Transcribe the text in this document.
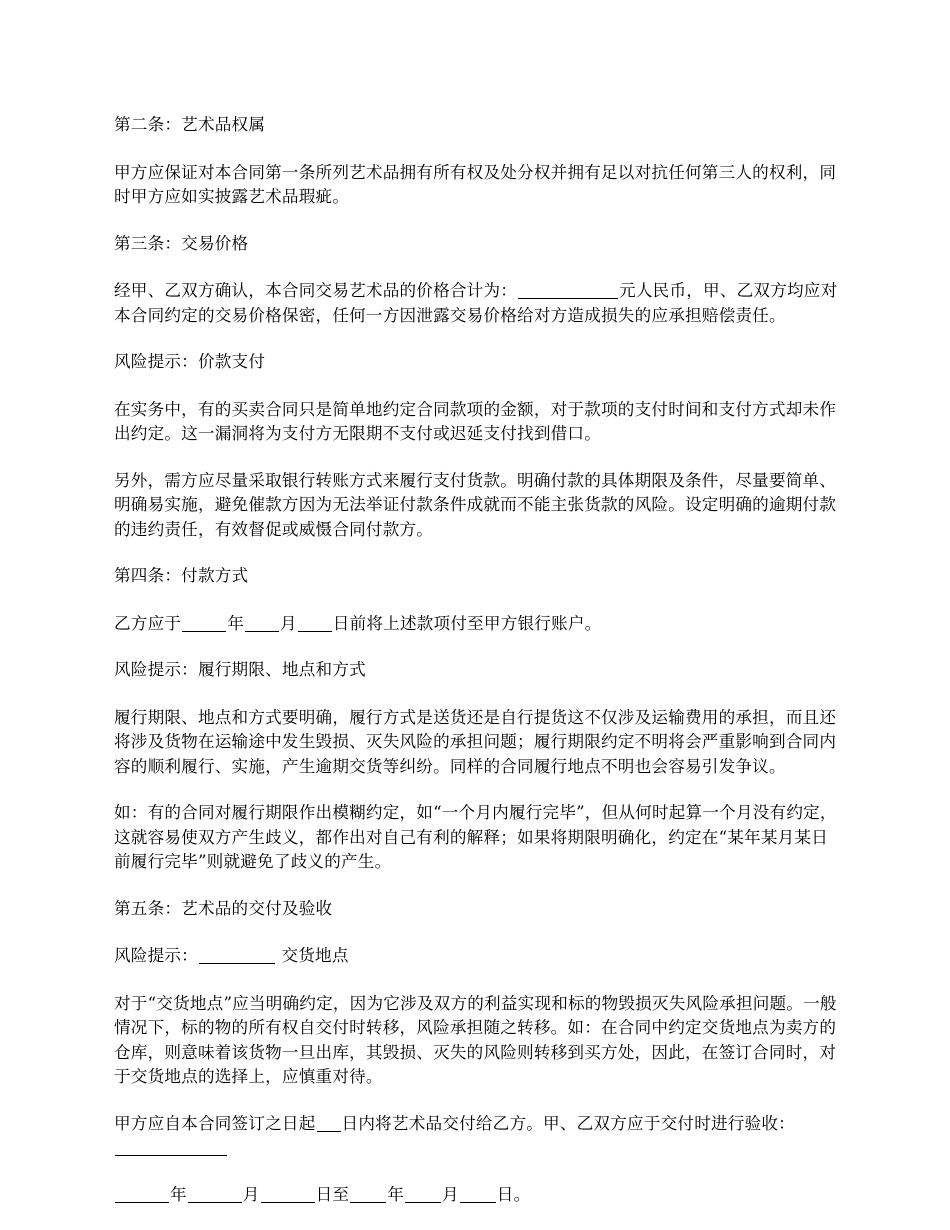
第二条：艺术品权属

甲方应保证对本合同第一条所列艺术品拥有所有权及处分权并拥有足以对抗任何第三人的权利，同时甲方应如实披露艺术品瑕疵。

第三条：交易价格

经甲、乙双方确认，本合同交易艺术品的价格合计为：	元人民币，甲、乙双方均应对本合同约定的交易价格保密，任何一方因泄露交易价格给对方造成损失的应承担赔偿责任。

风险提示：价款支付

在实务中，有的买卖合同只是简单地约定合同款项的金额，对于款项的支付时间和支付方式却未作出约定。这一漏洞将为支付方无限期不支付或迟延支付找到借口。

另外，需方应尽量采取银行转账方式来履行支付货款。明确付款的具体期限及条件，尽量要简单、明确易实施，避免催款方因为无法举证付款条件成就而不能主张货款的风险。设定明确的逾期付款的违约责任，有效督促或威慑合同付款方。

第四条：付款方式

乙方应于	年 月 日前将上述款项付至甲方银行账户。

风险提示：履行期限、地点和方式

履行期限、地点和方式要明确，履行方式是送货还是自行提货这不仅涉及运输费用的承担，而且还将涉及货物在运输途中发生毁损、灭失风险的承担问题；履行期限约定不明将会严重影响到合同内容的顺利履行、实施，产生逾期交货等纠纷。同样的合同履行地点不明也会容易引发争议。

如：有的合同对履行期限作出模糊约定，如“一个月内履行完毕”，但从何时起算一个月没有约定，这就容易使双方产生歧义，都作出对自己有利的解释；如果将期限明确化，约定在“某年某月某日前履行完毕”则就避免了歧义的产生。

第五条：艺术品的交付及验收

风险提示：	交货地点

对于“交货地点”应当明确约定，因为它涉及双方的利益实现和标的物毁损灭失风险承担问题。一般情况下，标的物的所有权自交付时转移，风险承担随之转移。如：在合同中约定交货地点为卖方的仓库，则意味着该货物一旦出库，其毁损、灭失的风险则转移到买方处，因此，在签订合同时，对于交货地点的选择上，应慎重对待。

甲方应自本合同签订之日起 日内将艺术品交付给乙方。甲、乙双方应于交付时进行验收：

年	月	日至 年 月 日。
